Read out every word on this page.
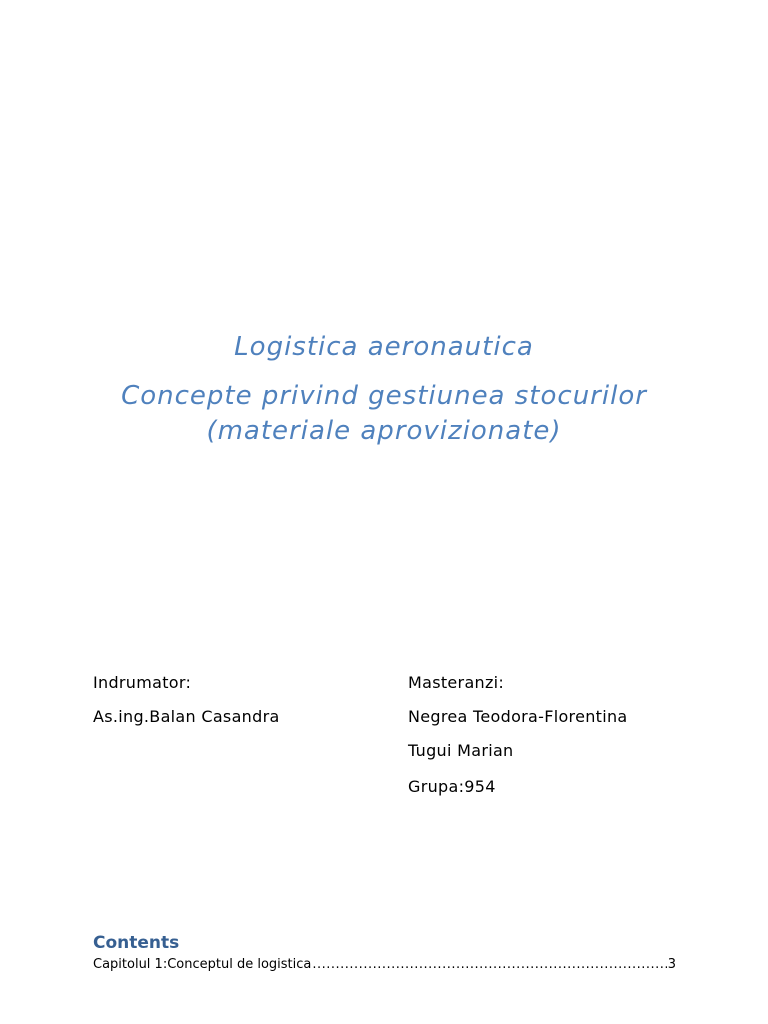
Logistica aeronautica
Concepte privind gestiunea stocurilor
(materiale aprovizionate)
Indrumator:
As.ing.Balan Casandra
Masteranzi:
Negrea Teodora-Florentina
Tugui Marian
Grupa:954
Contents
Capitolul 1:Conceptul de logistica
.....	3
